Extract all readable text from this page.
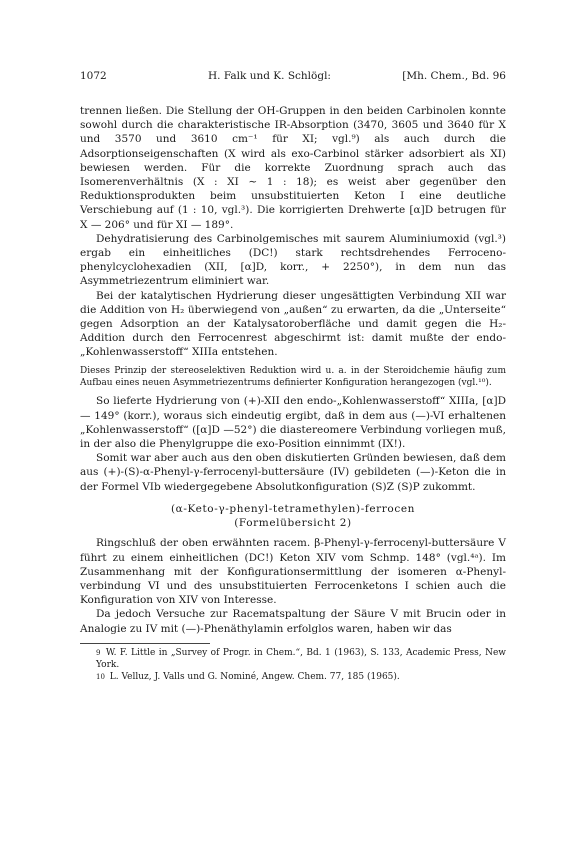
1072	H. Falk und K. Schlögl:	[Mh. Chem., Bd. 96

trennen ließen. Die Stellung der OH-Gruppen in den beiden Carbinolen konnte sowohl durch die charakteristische IR-Absorption (3470, 3605 und 3640 für X und 3570 und 3610 cm⁻¹ für XI; vgl.⁹) als auch durch die Adsorptionseigenschaften (X wird als exo-Carbinol stärker adsorbiert als XI) bewiesen werden. Für die korrekte Zuordnung sprach auch das Isomerenverhältnis (X : XI ∼ 1 : 18); es weist aber gegenüber den Reduktionsprodukten beim unsubstituierten Keton I eine deutliche Verschiebung auf (1 : 10, vgl.³). Die korrigierten Drehwerte [α]D betrugen für X — 206° und für XI — 189°.

Dehydratisierung des Carbinolgemisches mit saurem Aluminiumoxid (vgl.³) ergab ein einheitliches (DC!) stark rechtsdrehendes Ferroceno-phenylcyclohexadien (XII, [α]D, korr., + 2250°), in dem nun das Asymmetriezentrum eliminiert war.

Bei der katalytischen Hydrierung dieser ungesättigten Verbindung XII war die Addition von H₂ überwiegend von „außen“ zu erwarten, da die „Unterseite“ gegen Adsorption an der Katalysatoroberfläche und damit gegen die H₂-Addition durch den Ferrocenrest abgeschirmt ist: damit mußte der endo-„Kohlenwasserstoff“ XIIIa entstehen.

Dieses Prinzip der stereoselektiven Reduktion wird u. a. in der Steroidchemie häufig zum Aufbau eines neuen Asymmetriezentrums definierter Konfiguration herangezogen (vgl.¹⁰).

So lieferte Hydrierung von (+)-XII den endo-„Kohlenwasserstoff“ XIIIa, [α]D — 149° (korr.), woraus sich eindeutig ergibt, daß in dem aus (—)-VI erhaltenen „Kohlenwasserstoff“ ([α]D —52°) die diastereomere Verbindung vorliegen muß, in der also die Phenylgruppe die exo-Position einnimmt (IX!).

Somit war aber auch aus den oben diskutierten Gründen bewiesen, daß dem aus (+)-(S)-α-Phenyl-γ-ferrocenyl-buttersäure (IV) gebildeten (—)-Keton die in der Formel VIb wiedergegebene Absolutkonfiguration (S)Z (S)P zukommt.

(α-Keto-γ-phenyl-tetramethylen)-ferrocen
(Formelübersicht 2)

Ringschluß der oben erwähnten racem. β-Phenyl-γ-ferrocenyl-buttersäure V führt zu einem einheitlichen (DC!) Keton XIV vom Schmp. 148° (vgl.⁴ᵃ). Im Zusammenhang mit der Konfigurationsermittlung der isomeren α-Phenyl-verbindung VI und des unsubstituierten Ferrocenketons I schien auch die Konfiguration von XIV von Interesse.

Da jedoch Versuche zur Racematspaltung der Säure V mit Brucin oder in Analogie zu IV mit (—)-Phenäthylamin erfolglos waren, haben wir das

$^9$ W. F. Little in „Survey of Progr. in Chem.“, Bd. 1 (1963), S. 133, Academic Press, New York.
$^{10}$ L. Velluz, J. Valls und G. Nominé, Angew. Chem. 77, 185 (1965).
